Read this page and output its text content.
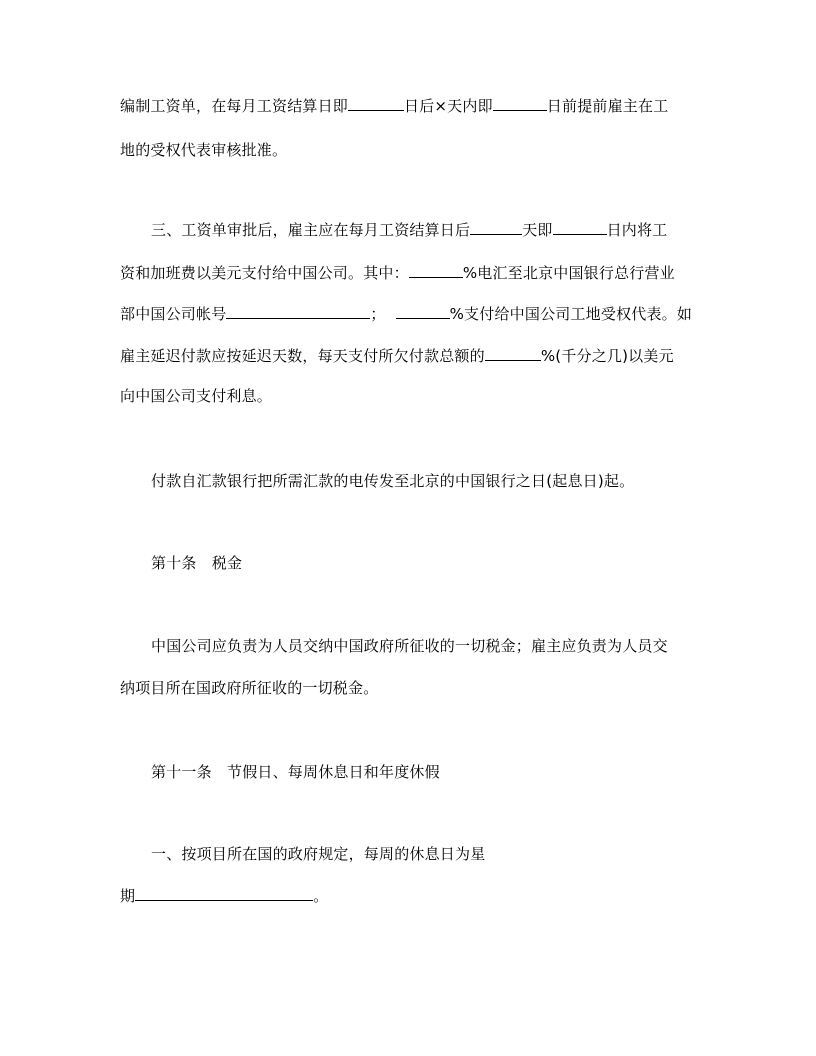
编制工资单，在每月工资结算日即	日后×天内即	日前提前雇主在工
地的受权代表审核批准。
三、工资单审批后，雇主应在每月工资结算日后	天即	日内将工
资和加班费以美元支付给中国公司。其中：	%电汇至北京中国银行总行营业
部中国公司帐号	；	%支付给中国公司工地受权代表。如
雇主延迟付款应按延迟天数，每天支付所欠付款总额的	%(千分之几)以美元
向中国公司支付利息。
付款自汇款银行把所需汇款的电传发至北京的中国银行之日(起息日)起。
第十条　税金
中国公司应负责为人员交纳中国政府所征收的一切税金；雇主应负责为人员交
纳项目所在国政府所征收的一切税金。
第十一条　节假日、每周休息日和年度休假
一、按项目所在国的政府规定，每周的休息日为星
期	。
